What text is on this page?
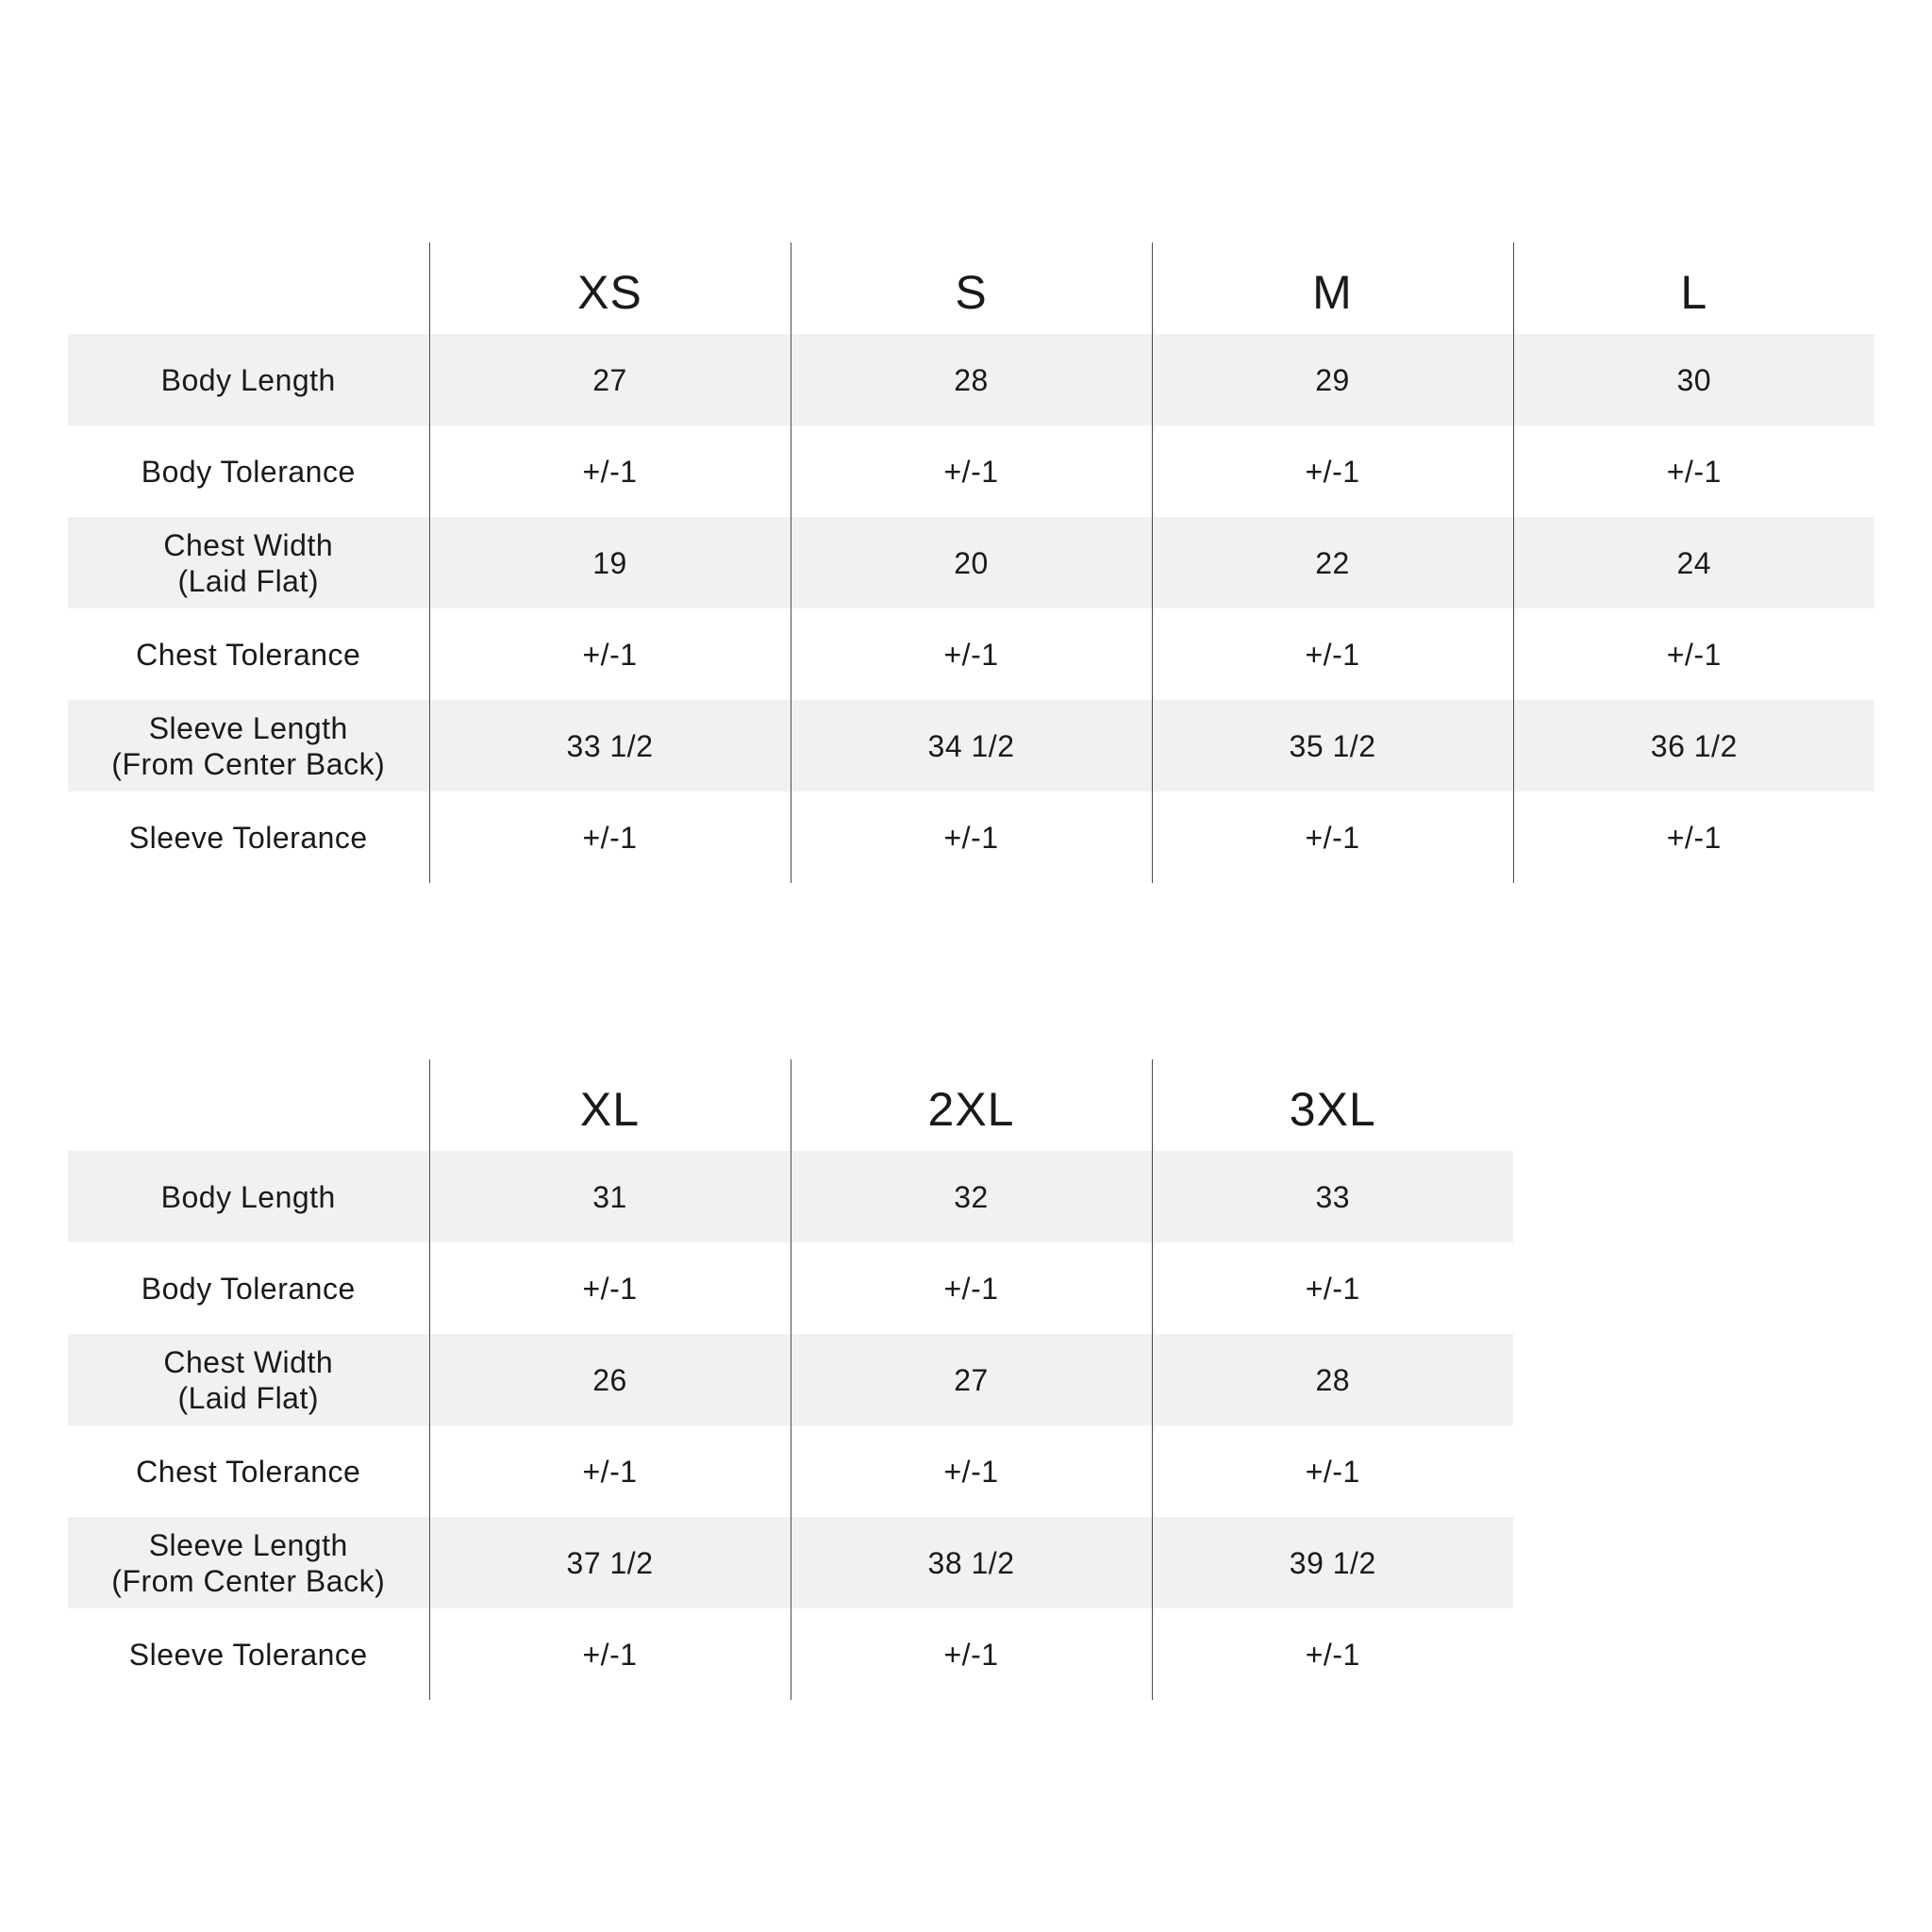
	XS	S	M	L
Body Length	27	28	29	30
Body Tolerance	+/-1	+/-1	+/-1	+/-1
Chest Width
(Laid Flat)	19	20	22	24
Chest Tolerance	+/-1	+/-1	+/-1	+/-1
Sleeve Length
(From Center Back)	33 1/2	34 1/2	35 1/2	36 1/2
Sleeve Tolerance	+/-1	+/-1	+/-1	+/-1
	XL	2XL	3XL
Body Length	31	32	33
Body Tolerance	+/-1	+/-1	+/-1
Chest Width
(Laid Flat)	26	27	28
Chest Tolerance	+/-1	+/-1	+/-1
Sleeve Length
(From Center Back)	37 1/2	38 1/2	39 1/2
Sleeve Tolerance	+/-1	+/-1	+/-1
